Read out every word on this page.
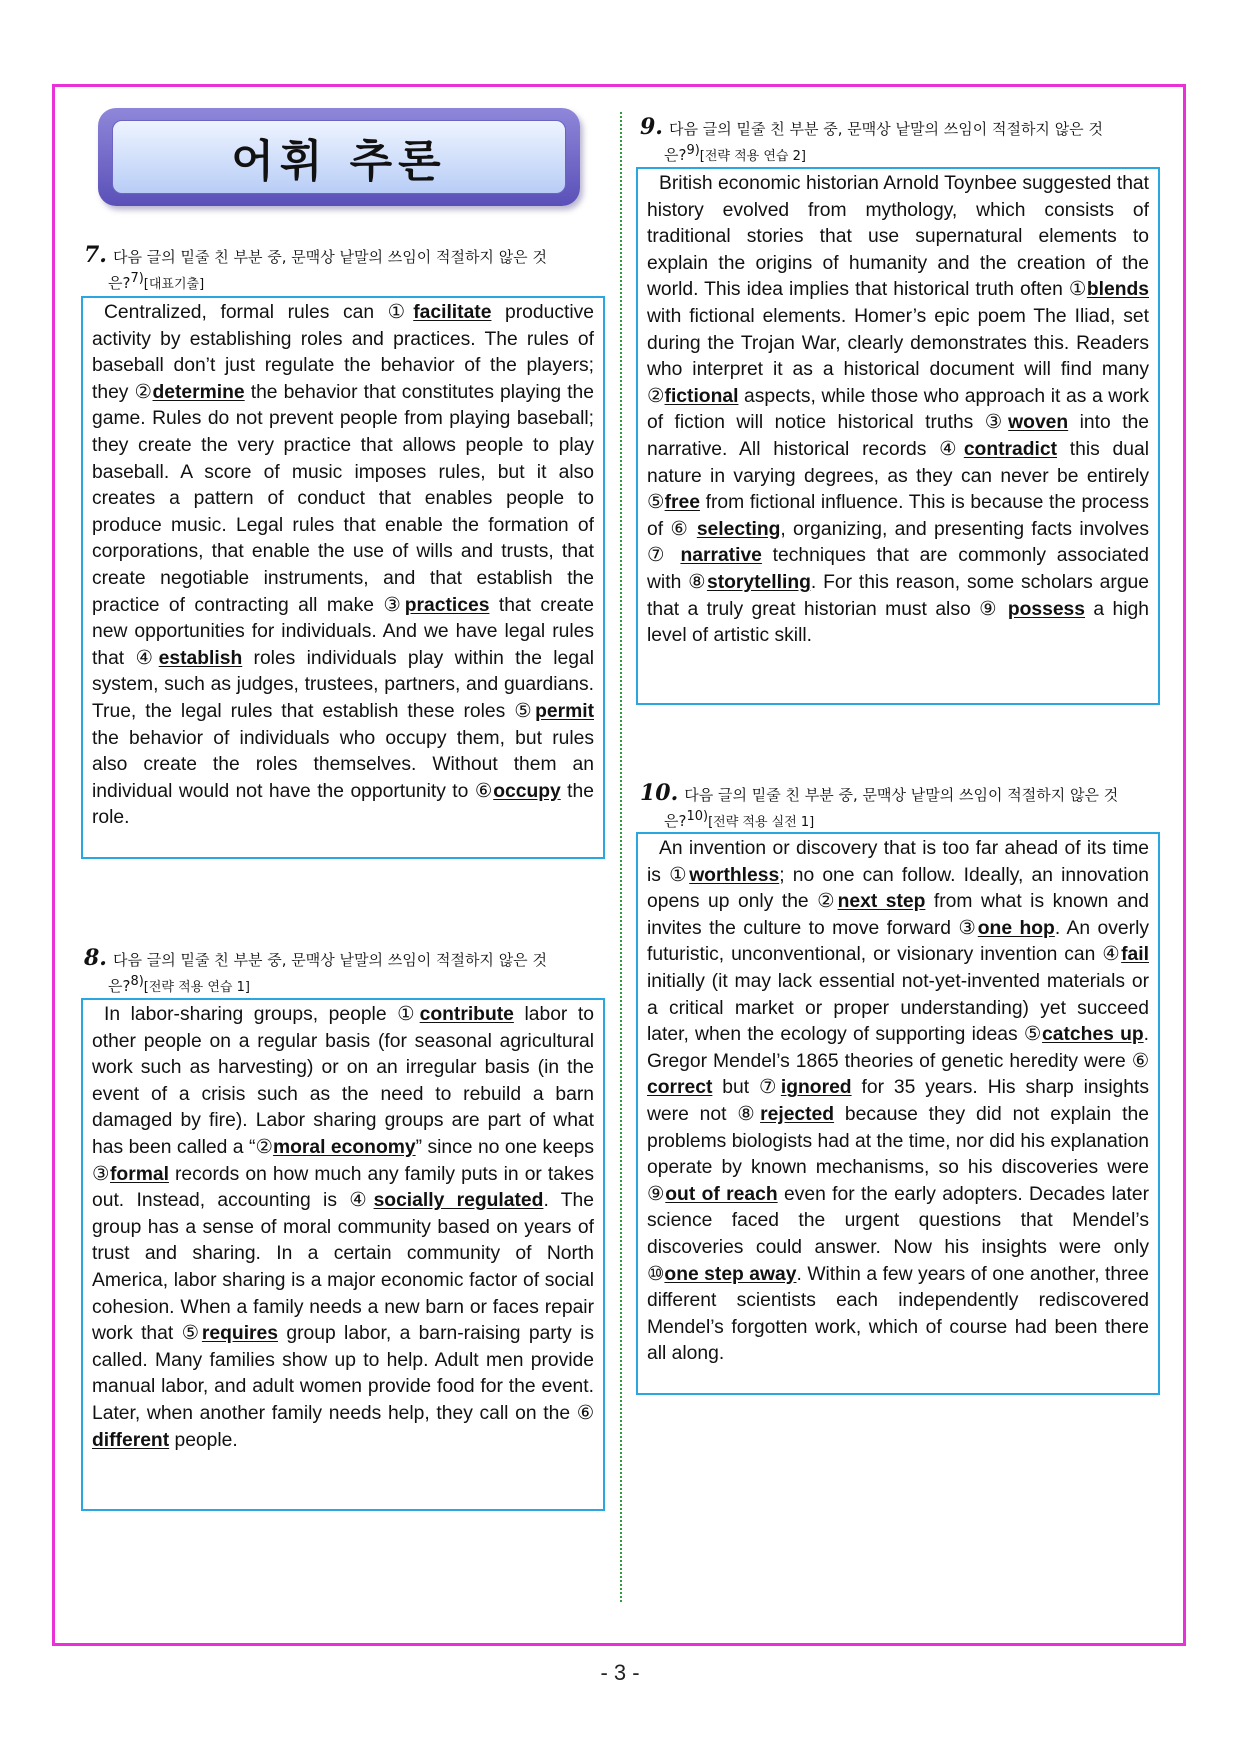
어휘 추론
7. 다음 글의 밑줄 친 부분 중, 문맥상 낱말의 쓰임이 적절하지 않은 것
은?$^{7)}$[대표기출]

Centralized, formal rules can ①facilitate productive activity by establishing roles and practices. The rules of baseball don’t just regulate the behavior of the players; they ②determine the behavior that constitutes playing the game. Rules do not prevent people from playing baseball; they create the very practice that allows people to play baseball. A score of music imposes rules, but it also creates a pattern of conduct that enables people to produce music. Legal rules that enable the formation of corporations, that enable the use of wills and trusts, that create negotiable instruments, and that establish the practice of contracting all make ③practices that create new opportunities for individuals. And we have legal rules that ④establish roles individuals play within the legal system, such as judges, trustees, partners, and guardians. True, the legal rules that establish these roles ⑤permit the behavior of individuals who occupy them, but rules also create the roles themselves. Without them an individual would not have the opportunity to ⑥occupy the role.

8. 다음 글의 밑줄 친 부분 중, 문맥상 낱말의 쓰임이 적절하지 않은 것
은?$^{8)}$[전략 적용 연습 1]

In labor-sharing groups, people ①contribute labor to other people on a regular basis (for seasonal agricultural work such as harvesting) or on an irregular basis (in the event of a crisis such as the need to rebuild a barn damaged by fire). Labor sharing groups are part of what has been called a “②moral economy” since no one keeps ③formal records on how much any family puts in or takes out. Instead, accounting is ④socially regulated. The group has a sense of moral community based on years of trust and sharing. In a certain community of North America, labor sharing is a major economic factor of social cohesion. When a family needs a new barn or faces repair work that ⑤requires group labor, a barn-raising party is called. Many families show up to help. Adult men provide manual labor, and adult women provide food for the event. Later, when another family needs help, they call on the ⑥ different people.

9. 다음 글의 밑줄 친 부분 중, 문맥상 낱말의 쓰임이 적절하지 않은 것
은?$^{9)}$[전략 적용 연습 2]

British economic historian Arnold Toynbee suggested that history evolved from mythology, which consists of traditional stories that use supernatural elements to explain the origins of humanity and the creation of the world. This idea implies that historical truth often ①blends with fictional elements. Homer’s epic poem The Iliad, set during the Trojan War, clearly demonstrates this. Readers who interpret it as a historical document will find many ②fictional aspects, while those who approach it as a work of fiction will notice historical truths ③woven into the narrative. All historical records ④contradict this dual nature in varying degrees, as they can never be entirely ⑤free from fictional influence. This is because the process of ⑥ selecting, organizing, and presenting facts involves ⑦ narrative techniques that are commonly associated with ⑧storytelling. For this reason, some scholars argue that a truly great historian must also ⑨ possess a high level of artistic skill.

10. 다음 글의 밑줄 친 부분 중, 문맥상 낱말의 쓰임이 적절하지 않은 것
은?$^{10)}$[전략 적용 실전 1]

An invention or discovery that is too far ahead of its time is ①worthless; no one can follow. Ideally, an innovation opens up only the ②next step from what is known and invites the culture to move forward ③one hop. An overly futuristic, unconventional, or visionary invention can ④fail initially (it may lack essential not-yet-invented materials or a critical market or proper understanding) yet succeed later, when the ecology of supporting ideas ⑤catches up. Gregor Mendel’s 1865 theories of genetic heredity were ⑥ correct but ⑦ignored for 35 years. His sharp insights were not ⑧rejected because they did not explain the problems biologists had at the time, nor did his explanation operate by known mechanisms, so his discoveries were ⑨out of reach even for the early adopters. Decades later science faced the urgent questions that Mendel’s discoveries could answer. Now his insights were only ⑩one step away. Within a few years of one another, three different scientists each independently rediscovered Mendel’s forgotten work, which of course had been there all along.

- 3 -
